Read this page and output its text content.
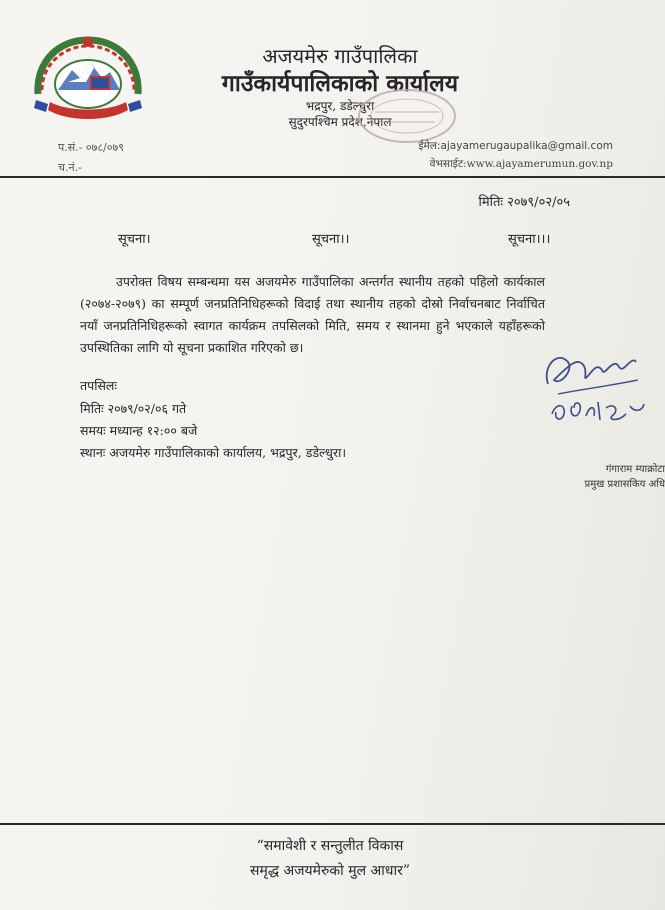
अजयमेरु गाउँपालिका
गाउँकार्यपालिकाको कार्यालय
भद्रपुर, डडेल्धुरा
सुदुरपश्चिम प्रदेश,नेपाल
प.सं.- ०७८/०७९
च.नं.-
ईमेल:ajayamerugaupalika@gmail.com
वेभसाईट:www.ajayamerumun.gov.np
मितिः २०७९/०२/०५
सूचना।	सूचना।।	सूचना।।।
उपरोक्त विषय सम्बन्धमा यस अजयमेरु गाउँपालिका अन्तर्गत स्थानीय तहको पहिलो कार्यकाल (२०७४-२०७९) का सम्पूर्ण जनप्रतिनिधिहरूको विदाई तथा स्थानीय तहको दोस्रो निर्वाचनबाट निर्वाचित नयाँ जनप्रतिनिधिहरूको स्वागत कार्यक्रम तपसिलको मिति, समय र स्थानमा हुने भएकाले यहाँहरूको उपस्थितिका लागि यो सूचना प्रकाशित गरिएको छ।
तपसिलः
मितिः २०७९/०२/०६ गते
समयः मध्यान्ह १२:०० बजे
स्थानः अजयमेरु गाउँपालिकाको कार्यालय, भद्रपुर, डडेल्धुरा।
गंगाराम म्याक्रोटा
प्रमुख प्रशासकिय अधि
“समावेशी र सन्तुलीत विकास
समृद्ध अजयमेरुको मुल आधार”
